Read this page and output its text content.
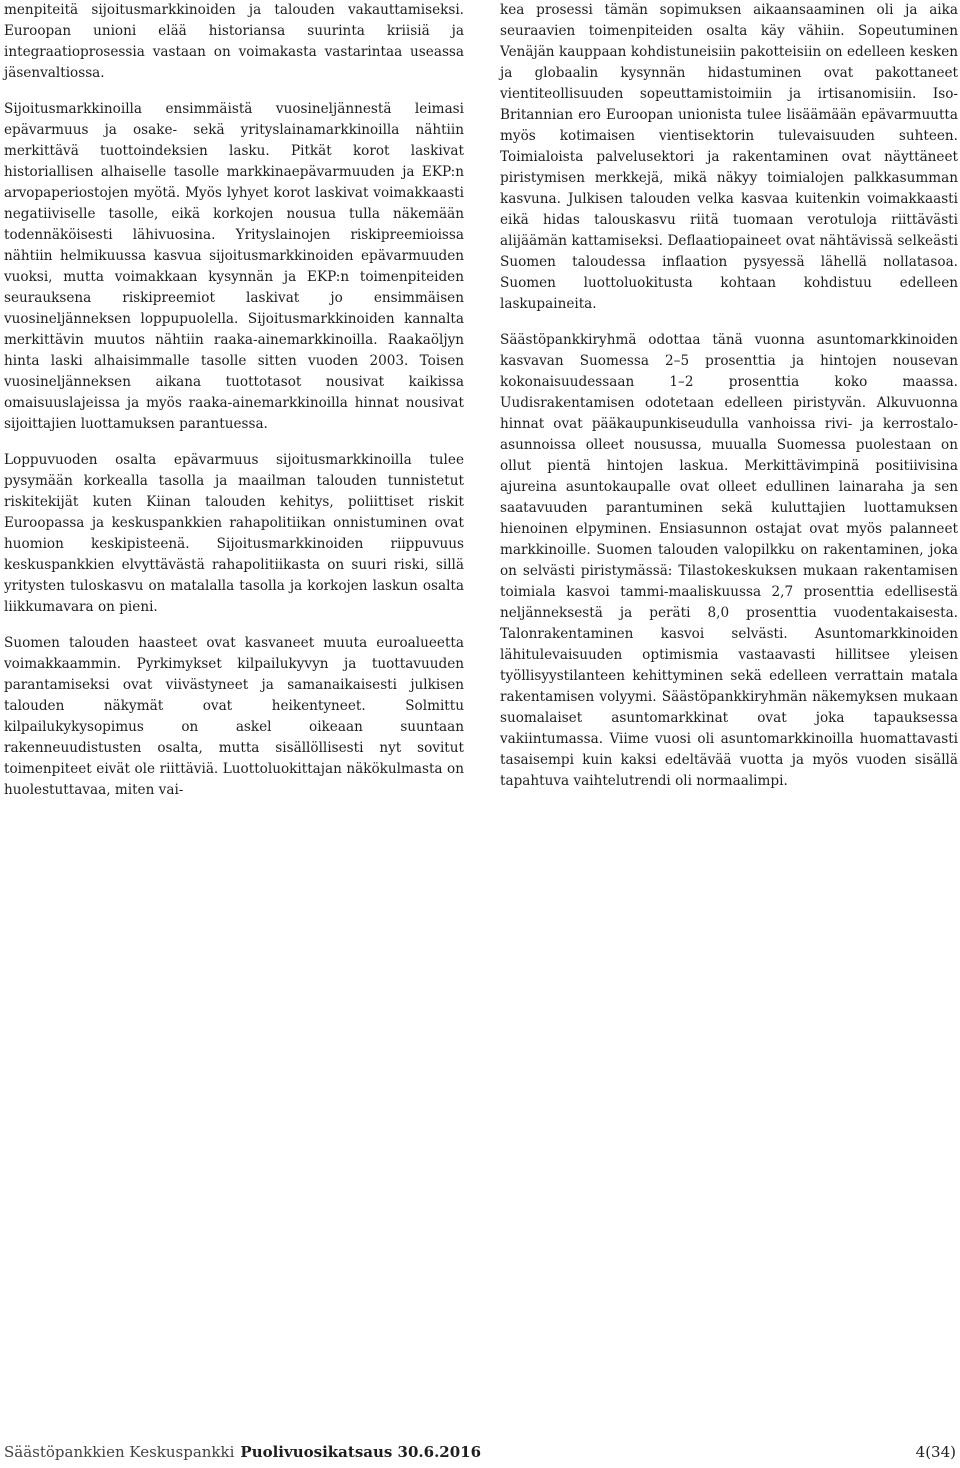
menpiteitä sijoitusmarkkinoiden ja talouden vakauttamiseksi. Euroopan unioni elää historiansa suurinta kriisiä ja integraatioprosessia vastaan on voimakasta vastarintaa useassa jäsenvaltiossa.

Sijoitusmarkkinoilla ensimmäistä vuosineljännestä leimasi epävarmuus ja osake- sekä yrityslainamarkkinoilla nähtiin merkittävä tuottoindeksien lasku. Pitkät korot laskivat historiallisen alhaiselle tasolle markkinaepävarmuuden ja EKP:n arvopaperiostojen myötä. Myös lyhyet korot laskivat voimakkaasti negatiiviselle tasolle, eikä korkojen nousua tulla näkemään todennäköisesti lähivuosina. Yrityslainojen riskipreemioissa nähtiin helmikuussa kasvua sijoitusmarkkinoiden epävarmuuden vuoksi, mutta voimakkaan kysynnän ja EKP:n toimenpiteiden seurauksena riskipreemiot laskivat jo ensimmäisen vuosineljänneksen loppupuolella. Sijoitusmarkkinoiden kannalta merkittävin muutos nähtiin raaka-ainemarkkinoilla. Raakaöljyn hinta laski alhaisimmalle tasolle sitten vuoden 2003. Toisen vuosineljänneksen aikana tuottotasot nousivat kaikissa omaisuuslajeissa ja myös raaka-ainemarkkinoilla hinnat nousivat sijoittajien luottamuksen parantuessa.

Loppuvuoden osalta epävarmuus sijoitusmarkkinoilla tulee pysymään korkealla tasolla ja maailman talouden tunnistetut riskitekijät kuten Kiinan talouden kehitys, poliittiset riskit Euroopassa ja keskuspankkien rahapolitiikan onnistuminen ovat huomion keskipisteenä. Sijoitusmarkkinoiden riippuvuus keskuspankkien elvyttävästä rahapolitiikasta on suuri riski, sillä yritysten tuloskasvu on matalalla tasolla ja korkojen laskun osalta liikkumavara on pieni.

Suomen talouden haasteet ovat kasvaneet muuta euroalueetta voimakkaammin. Pyrkimykset kilpailukyvyn ja tuottavuuden parantamiseksi ovat viivästyneet ja samanaikaisesti julkisen talouden näkymät ovat heikentyneet. Solmittu kilpailukykysopimus on askel oikeaan suuntaan rakenneuudistusten osalta, mutta sisällöllisesti nyt sovitut toimenpiteet eivät ole riittäviä. Luottoluokittajan näkökulmasta on huolestuttavaa, miten vai-

kea prosessi tämän sopimuksen aikaansaaminen oli ja aika seuraavien toimenpiteiden osalta käy vähiin. Sopeutuminen Venäjän kauppaan kohdistuneisiin pakotteisiin on edelleen kesken ja globaalin kysynnän hidastuminen ovat pakottaneet vientiteollisuuden sopeuttamistoimiin ja irtisanomisiin. Iso-Britannian ero Euroopan unionista tulee lisäämään epävarmuutta myös kotimaisen vientisektorin tulevaisuuden suhteen. Toimialoista palvelusektori ja rakentaminen ovat näyttäneet piristymisen merkkejä, mikä näkyy toimialojen palkkasumman kasvuna. Julkisen talouden velka kasvaa kuitenkin voimakkaasti eikä hidas talouskasvu riitä tuomaan verotuloja riittävästi alijäämän kattamiseksi. Deflaatiopaineet ovat nähtävissä selkeästi Suomen taloudessa inflaation pysyessä lähellä nollatasoa. Suomen luottoluokitusta kohtaan kohdistuu edelleen laskupaineita.

Säästöpankkiryhmä odottaa tänä vuonna asuntomarkkinoiden kasvavan Suomessa 2–5 prosenttia ja hintojen nousevan kokonaisuudessaan 1–2 prosenttia koko maassa. Uudisrakentamisen odotetaan edelleen piristyvän. Alkuvuonna hinnat ovat pääkaupunkiseudulla vanhoissa rivi- ja kerrostalo-asunnoissa olleet nousussa, muualla Suomessa puolestaan on ollut pientä hintojen laskua. Merkittävimpinä positiivisina ajureina asuntokaupalle ovat olleet edullinen lainaraha ja sen saatavuuden parantuminen sekä kuluttajien luottamuksen hienoinen elpyminen. Ensiasunnon ostajat ovat myös palanneet markkinoille. Suomen talouden valopilkku on rakentaminen, joka on selvästi piristymässä: Tilastokeskuksen mukaan rakentamisen toimiala kasvoi tammi-maaliskuussa 2,7 prosenttia edellisestä neljänneksestä ja peräti 8,0 prosenttia vuodentakaisesta. Talonrakentaminen kasvoi selvästi. Asuntomarkkinoiden lähitulevaisuuden optimismia vastaavasti hillitsee yleisen työllisyystilanteen kehittyminen sekä edelleen verrattain matala rakentamisen volyymi. Säästöpankkiryhmän näkemyksen mukaan suomalaiset asuntomarkkinat ovat joka tapauksessa vakiintumassa. Viime vuosi oli asuntomarkkinoilla huomattavasti tasaisempi kuin kaksi edeltävää vuotta ja myös vuoden sisällä tapahtuva vaihtelutrendi oli normaalimpi.

Säästöpankkien Keskuspankki Puolivuosikatsaus 30.6.2016	4(34)
